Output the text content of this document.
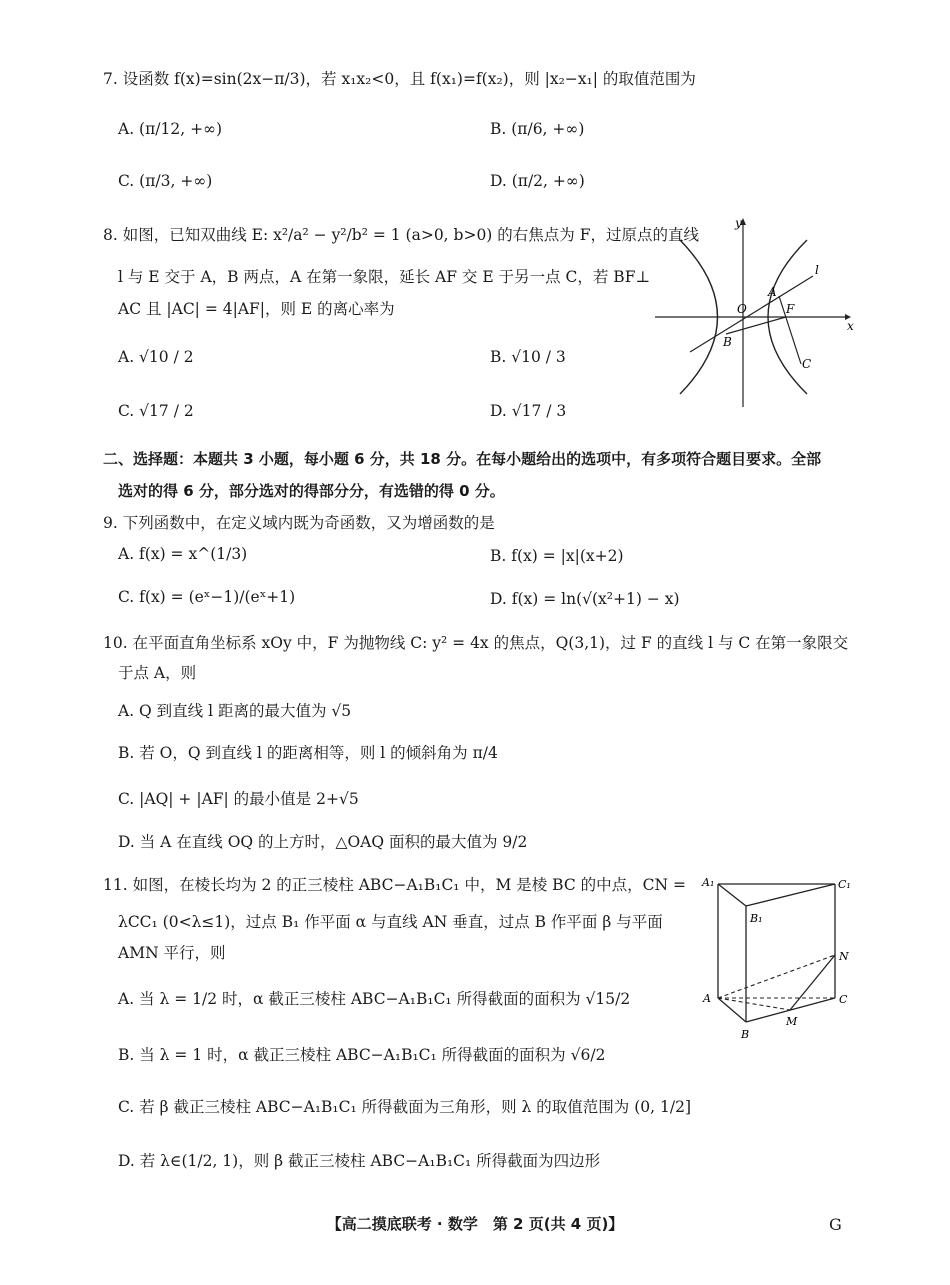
7. 设函数 f(x)=sin(2x−π/3)，若 x₁x₂<0，且 f(x₁)=f(x₂)，则 |x₂−x₁| 的取值范围为
A. (π/12, +∞)	B. (π/6, +∞)
C. (π/3, +∞)	D. (π/2, +∞)
8. 如图，已知双曲线 E: x²/a² − y²/b² = 1 (a>0, b>0) 的右焦点为 F，过原点的直线
l 与 E 交于 A，B 两点，A 在第一象限，延长 AF 交 E 于另一点 C，若 BF⊥
AC 且 |AC| = 4|AF|，则 E 的离心率为
A. √10 / 2	B. √10 / 3
C. √17 / 2	D. √17 / 3
y
x
O
A
F
B
C
l
二、选择题：本题共 3 小题，每小题 6 分，共 18 分。在每小题给出的选项中，有多项符合题目要求。全部
选对的得 6 分，部分选对的得部分分，有选错的得 0 分。
9. 下列函数中，在定义域内既为奇函数，又为增函数的是
A. f(x) = x^(1/3)	B. f(x) = |x|(x+2)
C. f(x) = (eˣ−1)/(eˣ+1)	D. f(x) = ln(√(x²+1) − x)
10. 在平面直角坐标系 xOy 中，F 为抛物线 C: y² = 4x 的焦点，Q(3,1)，过 F 的直线 l 与 C 在第一象限交
于点 A，则
A. Q 到直线 l 距离的最大值为 √5
B. 若 O，Q 到直线 l 的距离相等，则 l 的倾斜角为 π/4
C. |AQ| + |AF| 的最小值是 2+√5
D. 当 A 在直线 OQ 的上方时，△OAQ 面积的最大值为 9/2
11. 如图，在棱长均为 2 的正三棱柱 ABC−A₁B₁C₁ 中，M 是棱 BC 的中点，CN =
λCC₁ (0<λ≤1)，过点 B₁ 作平面 α 与直线 AN 垂直，过点 B 作平面 β 与平面
AMN 平行，则
A. 当 λ = 1/2 时，α 截正三棱柱 ABC−A₁B₁C₁ 所得截面的面积为 √15/2
B. 当 λ = 1 时，α 截正三棱柱 ABC−A₁B₁C₁ 所得截面的面积为 √6/2
C. 若 β 截正三棱柱 ABC−A₁B₁C₁ 所得截面为三角形，则 λ 的取值范围为 (0, 1/2]
D. 若 λ∈(1/2, 1)，则 β 截正三棱柱 ABC−A₁B₁C₁ 所得截面为四边形
A₁	C₁
B₁
N
A	C
M
B
【高二摸底联考 · 数学　第 2 页(共 4 页)】	G
